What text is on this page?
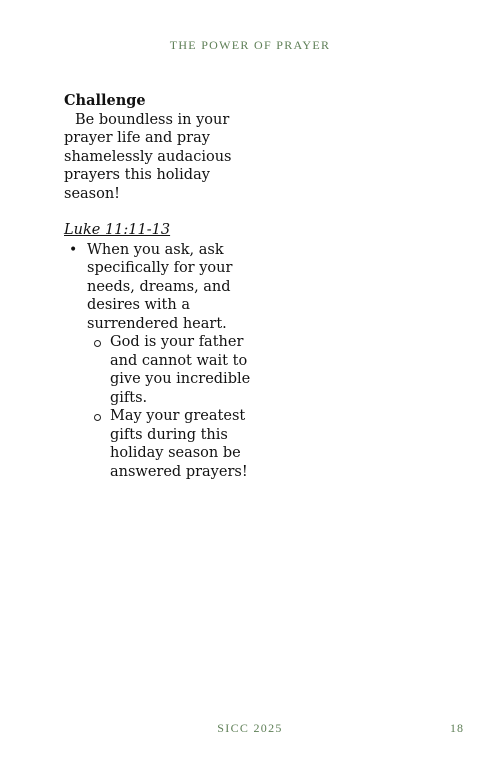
THE POWER OF PRAYER
Challenge

Be boundless in your prayer life and pray shamelessly audacious prayers this holiday season!

Luke 11:11-13
• When you ask, ask specifically for your needs, dreams, and desires with a surrendered heart.
God is your father and cannot wait to give you incredible gifts.
May your greatest gifts during this holiday season be answered prayers!
SICC 2025	18
